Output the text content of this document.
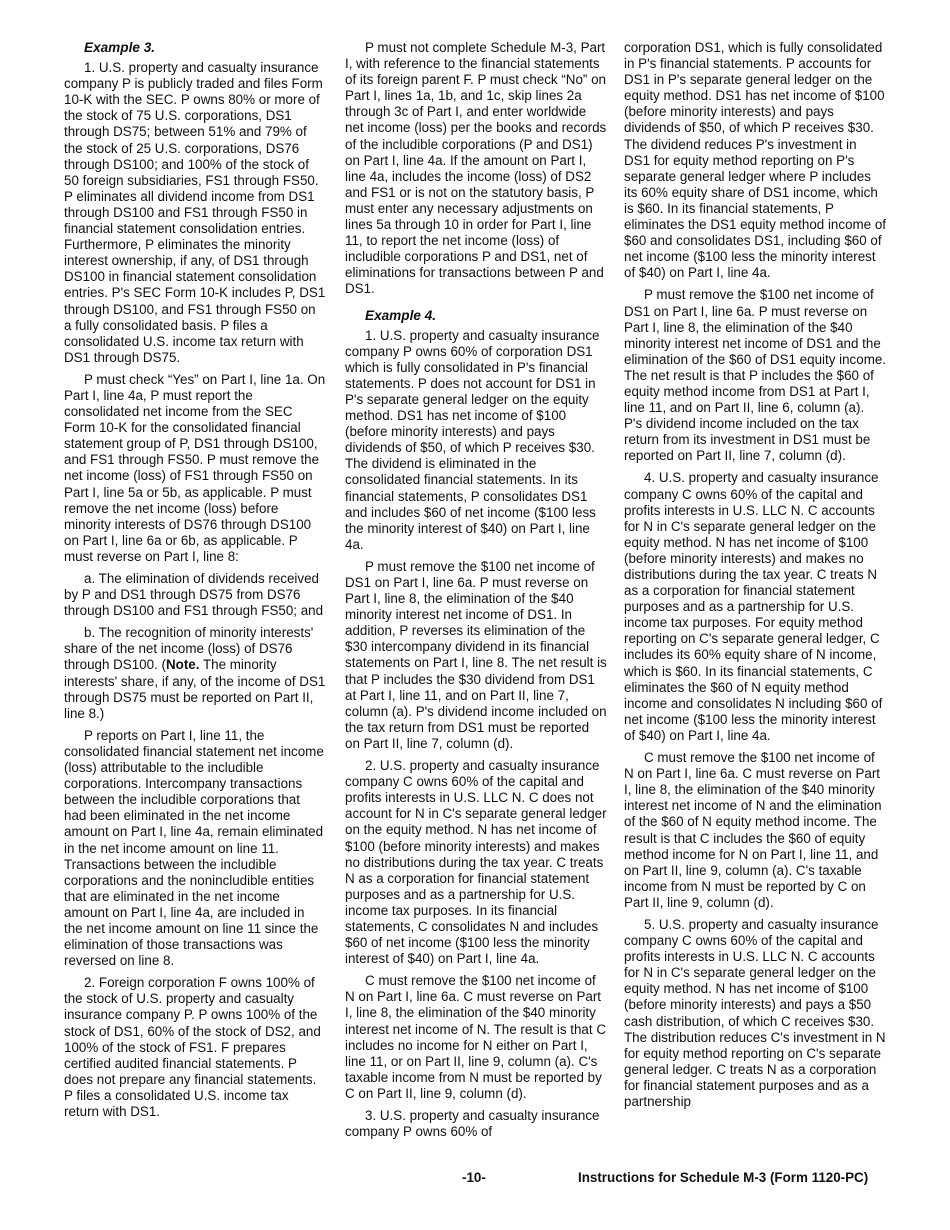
Example 3.

1. U.S. property and casualty insurance company P is publicly traded and files Form 10-K with the SEC. P owns 80% or more of the stock of 75 U.S. corporations, DS1 through DS75; between 51% and 79% of the stock of 25 U.S. corporations, DS76 through DS100; and 100% of the stock of 50 foreign subsidiaries, FS1 through FS50. P eliminates all dividend income from DS1 through DS100 and FS1 through FS50 in financial statement consolidation entries. Furthermore, P eliminates the minority interest ownership, if any, of DS1 through DS100 in financial statement consolidation entries. P's SEC Form 10-K includes P, DS1 through DS100, and FS1 through FS50 on a fully consolidated basis. P files a consolidated U.S. income tax return with DS1 through DS75.

P must check “Yes” on Part I, line 1a. On Part I, line 4a, P must report the consolidated net income from the SEC Form 10-K for the consolidated financial statement group of P, DS1 through DS100, and FS1 through FS50. P must remove the net income (loss) of FS1 through FS50 on Part I, line 5a or 5b, as applicable. P must remove the net income (loss) before minority interests of DS76 through DS100 on Part I, line 6a or 6b, as applicable. P must reverse on Part I, line 8:

a. The elimination of dividends received by P and DS1 through DS75 from DS76 through DS100 and FS1 through FS50; and

b. The recognition of minority interests' share of the net income (loss) of DS76 through DS100. (Note. The minority interests' share, if any, of the income of DS1 through DS75 must be reported on Part II, line 8.)

P reports on Part I, line 11, the consolidated financial statement net income (loss) attributable to the includible corporations. Intercompany transactions between the includible corporations that had been eliminated in the net income amount on Part I, line 4a, remain eliminated in the net income amount on line 11. Transactions between the includible corporations and the nonincludible entities that are eliminated in the net income amount on Part I, line 4a, are included in the net income amount on line 11 since the elimination of those transactions was reversed on line 8.

2. Foreign corporation F owns 100% of the stock of U.S. property and casualty insurance company P. P owns 100% of the stock of DS1, 60% of the stock of DS2, and 100% of the stock of FS1. F prepares certified audited financial statements. P does not prepare any financial statements. P files a consolidated U.S. income tax return with DS1.

P must not complete Schedule M-3, Part I, with reference to the financial statements of its foreign parent F. P must check “No” on Part I, lines 1a, 1b, and 1c, skip lines 2a through 3c of Part I, and enter worldwide net income (loss) per the books and records of the includible corporations (P and DS1) on Part I, line 4a. If the amount on Part I, line 4a, includes the income (loss) of DS2 and FS1 or is not on the statutory basis, P must enter any necessary adjustments on lines 5a through 10 in order for Part I, line 11, to report the net income (loss) of includible corporations P and DS1, net of eliminations for transactions between P and DS1.

Example 4.

1. U.S. property and casualty insurance company P owns 60% of corporation DS1 which is fully consolidated in P's financial statements. P does not account for DS1 in P's separate general ledger on the equity method. DS1 has net income of $100 (before minority interests) and pays dividends of $50, of which P receives $30. The dividend is eliminated in the consolidated financial statements. In its financial statements, P consolidates DS1 and includes $60 of net income ($100 less the minority interest of $40) on Part I, line 4a.

P must remove the $100 net income of DS1 on Part I, line 6a. P must reverse on Part I, line 8, the elimination of the $40 minority interest net income of DS1. In addition, P reverses its elimination of the $30 intercompany dividend in its financial statements on Part I, line 8. The net result is that P includes the $30 dividend from DS1 at Part I, line 11, and on Part II, line 7, column (a). P's dividend income included on the tax return from DS1 must be reported on Part II, line 7, column (d).

2. U.S. property and casualty insurance company C owns 60% of the capital and profits interests in U.S. LLC N. C does not account for N in C's separate general ledger on the equity method. N has net income of $100 (before minority interests) and makes no distributions during the tax year. C treats N as a corporation for financial statement purposes and as a partnership for U.S. income tax purposes. In its financial statements, C consolidates N and includes $60 of net income ($100 less the minority interest of $40) on Part I, line 4a.

C must remove the $100 net income of N on Part I, line 6a. C must reverse on Part I, line 8, the elimination of the $40 minority interest net income of N. The result is that C includes no income for N either on Part I, line 11, or on Part II, line 9, column (a). C's taxable income from N must be reported by C on Part II, line 9, column (d).

3. U.S. property and casualty insurance company P owns 60% of

corporation DS1, which is fully consolidated in P's financial statements. P accounts for DS1 in P's separate general ledger on the equity method. DS1 has net income of $100 (before minority interests) and pays dividends of $50, of which P receives $30. The dividend reduces P's investment in DS1 for equity method reporting on P's separate general ledger where P includes its 60% equity share of DS1 income, which is $60. In its financial statements, P eliminates the DS1 equity method income of $60 and consolidates DS1, including $60 of net income ($100 less the minority interest of $40) on Part I, line 4a.

P must remove the $100 net income of DS1 on Part I, line 6a. P must reverse on Part I, line 8, the elimination of the $40 minority interest net income of DS1 and the elimination of the $60 of DS1 equity income. The net result is that P includes the $60 of equity method income from DS1 at Part I, line 11, and on Part II, line 6, column (a). P's dividend income included on the tax return from its investment in DS1 must be reported on Part II, line 7, column (d).

4. U.S. property and casualty insurance company C owns 60% of the capital and profits interests in U.S. LLC N. C accounts for N in C's separate general ledger on the equity method. N has net income of $100 (before minority interests) and makes no distributions during the tax year. C treats N as a corporation for financial statement purposes and as a partnership for U.S. income tax purposes. For equity method reporting on C's separate general ledger, C includes its 60% equity share of N income, which is $60. In its financial statements, C eliminates the $60 of N equity method income and consolidates N including $60 of net income ($100 less the minority interest of $40) on Part I, line 4a.

C must remove the $100 net income of N on Part I, line 6a. C must reverse on Part I, line 8, the elimination of the $40 minority interest net income of N and the elimination of the $60 of N equity method income. The result is that C includes the $60 of equity method income for N on Part I, line 11, and on Part II, line 9, column (a). C's taxable income from N must be reported by C on Part II, line 9, column (d).

5. U.S. property and casualty insurance company C owns 60% of the capital and profits interests in U.S. LLC N. C accounts for N in C's separate general ledger on the equity method. N has net income of $100 (before minority interests) and pays a $50 cash distribution, of which C receives $30. The distribution reduces C's investment in N for equity method reporting on C's separate general ledger. C treats N as a corporation for financial statement purposes and as a partnership

-10-	Instructions for Schedule M-3 (Form 1120-PC)
